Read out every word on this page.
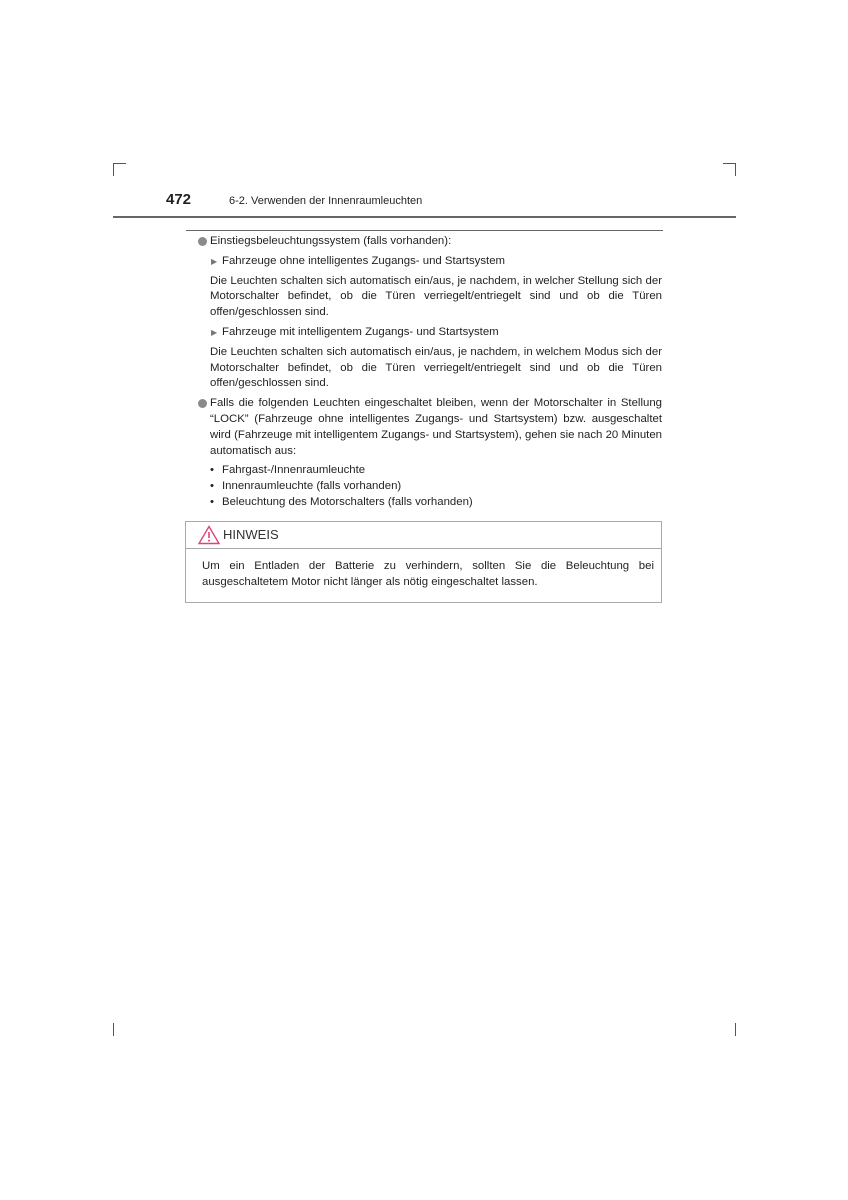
472	6-2. Verwenden der Innenraumleuchten

Einstiegsbeleuchtungssystem (falls vorhanden):

▶ Fahrzeuge ohne intelligentes Zugangs- und Startsystem

Die Leuchten schalten sich automatisch ein/aus, je nachdem, in welcher Stellung sich der Motorschalter befindet, ob die Türen verriegelt/entriegelt sind und ob die Türen offen/geschlossen sind.

▶ Fahrzeuge mit intelligentem Zugangs- und Startsystem

Die Leuchten schalten sich automatisch ein/aus, je nachdem, in welchem Modus sich der Motorschalter befindet, ob die Türen verriegelt/entriegelt sind und ob die Türen offen/geschlossen sind.

Falls die folgenden Leuchten eingeschaltet bleiben, wenn der Motorschalter in Stellung “LOCK” (Fahrzeuge ohne intelligentes Zugangs- und Startsystem) bzw. ausgeschaltet wird (Fahrzeuge mit intelligentem Zugangs- und Startsystem), gehen sie nach 20 Minuten automatisch aus:

• Fahrgast-/Innenraumleuchte
• Innenraumleuchte (falls vorhanden)
• Beleuchtung des Motorschalters (falls vorhanden)
HINWEIS

Um ein Entladen der Batterie zu verhindern, sollten Sie die Beleuchtung bei ausgeschaltetem Motor nicht länger als nötig eingeschaltet lassen.
